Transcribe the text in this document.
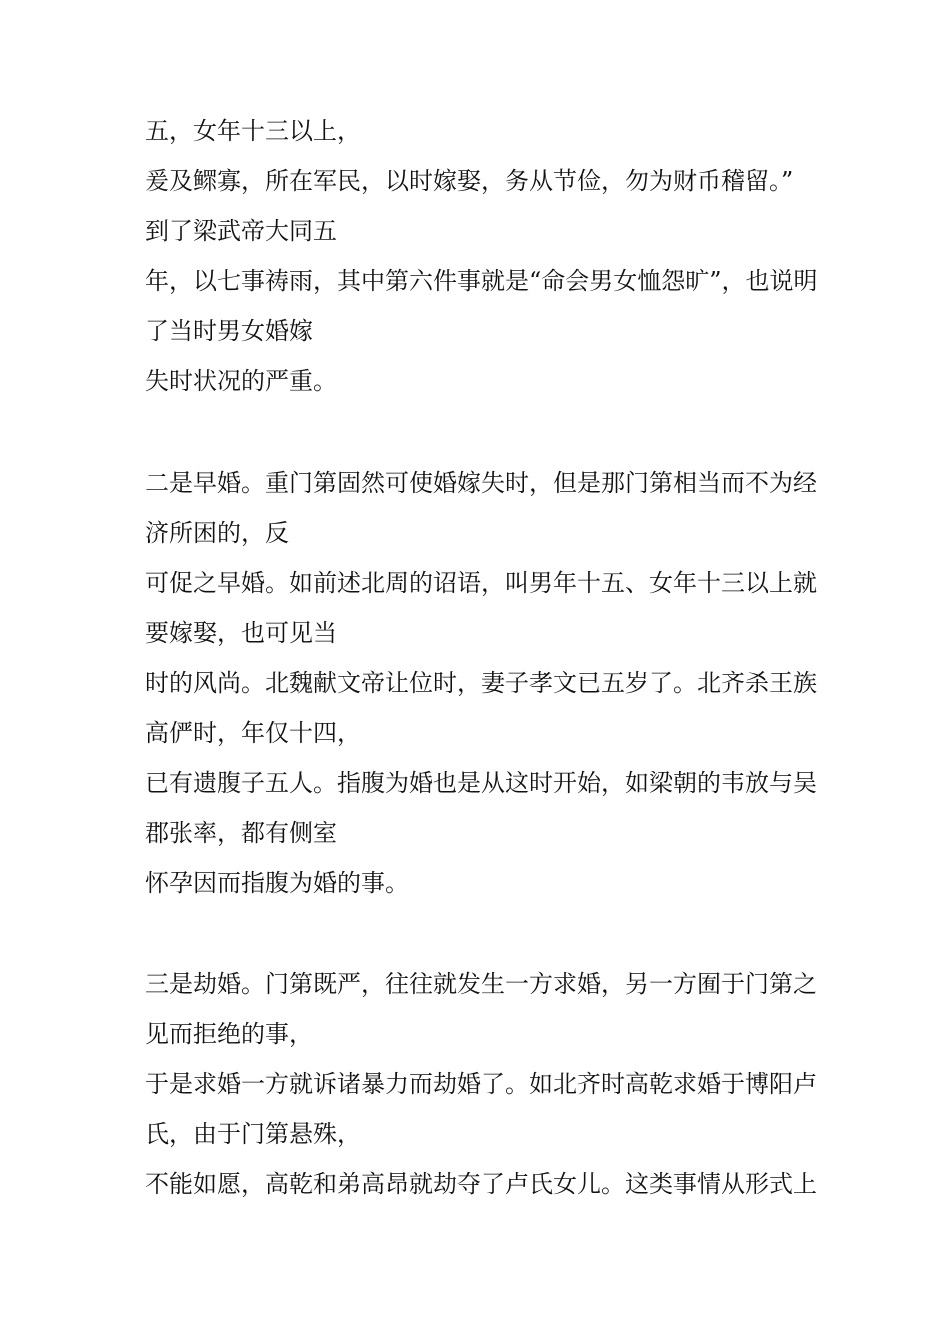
五，女年十三以上，
爰及鳏寡，所在军民，以时嫁娶，务从节俭，勿为财币稽留。”
到了梁武帝大同五
年，以七事祷雨，其中第六件事就是“命会男女恤怨旷”，也说明
了当时男女婚嫁
失时状况的严重。
二是早婚。重门第固然可使婚嫁失时，但是那门第相当而不为经
济所困的，反
可促之早婚。如前述北周的诏语，叫男年十五、女年十三以上就
要嫁娶，也可见当
时的风尚。北魏献文帝让位时，妻子孝文已五岁了。北齐杀王族
高俨时，年仅十四，
已有遗腹子五人。指腹为婚也是从这时开始，如梁朝的韦放与吴
郡张率，都有侧室
怀孕因而指腹为婚的事。
三是劫婚。门第既严，往往就发生一方求婚，另一方囿于门第之
见而拒绝的事，
于是求婚一方就诉诸暴力而劫婚了。如北齐时高乾求婚于博阳卢
氏，由于门第悬殊，
不能如愿，高乾和弟高昂就劫夺了卢氏女儿。这类事情从形式上
